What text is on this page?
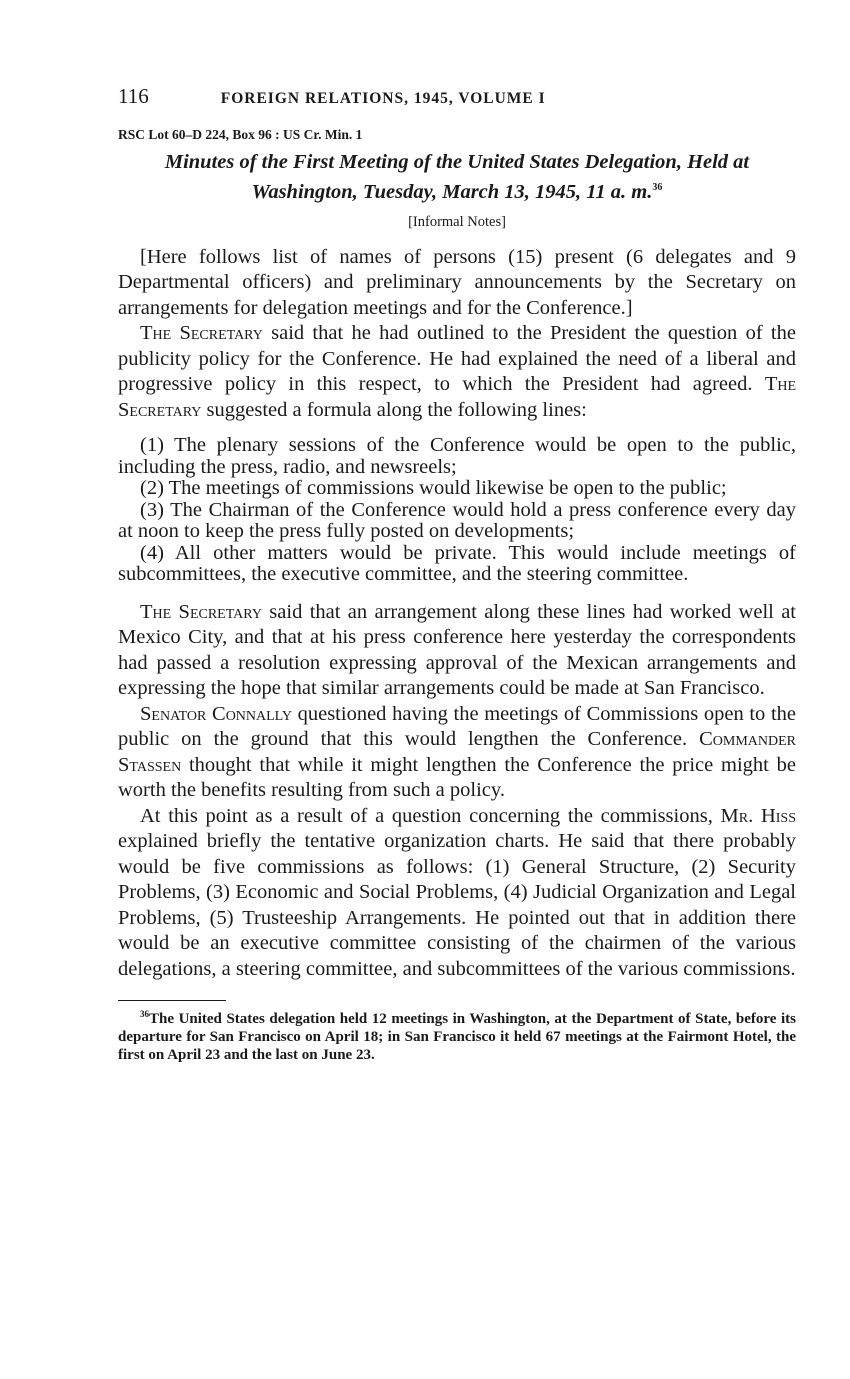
116	FOREIGN RELATIONS, 1945, VOLUME I
RSC Lot 60–D 224, Box 96 : US Cr. Min. 1
Minutes of the First Meeting of the United States Delegation, Held at Washington, Tuesday, March 13, 1945, 11 a. m.$^{36}$
[Informal Notes]

[Here follows list of names of persons (15) present (6 delegates and 9 Departmental officers) and preliminary announcements by the Secretary on arrangements for delegation meetings and for the Conference.]

The Secretary said that he had outlined to the President the question of the publicity policy for the Conference. He had explained the need of a liberal and progressive policy in this respect, to which the President had agreed. The Secretary suggested a formula along the following lines:

(1) The plenary sessions of the Conference would be open to the public, including the press, radio, and newsreels;

(2) The meetings of commissions would likewise be open to the public;

(3) The Chairman of the Conference would hold a press conference every day at noon to keep the press fully posted on developments;

(4) All other matters would be private. This would include meetings of subcommittees, the executive committee, and the steering committee.

The Secretary said that an arrangement along these lines had worked well at Mexico City, and that at his press conference here yesterday the correspondents had passed a resolution expressing approval of the Mexican arrangements and expressing the hope that similar arrangements could be made at San Francisco.

Senator Connally questioned having the meetings of Commissions open to the public on the ground that this would lengthen the Conference. Commander Stassen thought that while it might lengthen the Conference the price might be worth the benefits resulting from such a policy.

At this point as a result of a question concerning the commissions, Mr. Hiss explained briefly the tentative organization charts. He said that there probably would be five commissions as follows: (1) General Structure, (2) Security Problems, (3) Economic and Social Problems, (4) Judicial Organization and Legal Problems, (5) Trusteeship Arrangements. He pointed out that in addition there would be an executive committee consisting of the chairmen of the various delegations, a steering committee, and subcommittees of the various commissions.

$^{36}$The United States delegation held 12 meetings in Washington, at the Department of State, before its departure for San Francisco on April 18; in San Francisco it held 67 meetings at the Fairmont Hotel, the first on April 23 and the last on June 23.
